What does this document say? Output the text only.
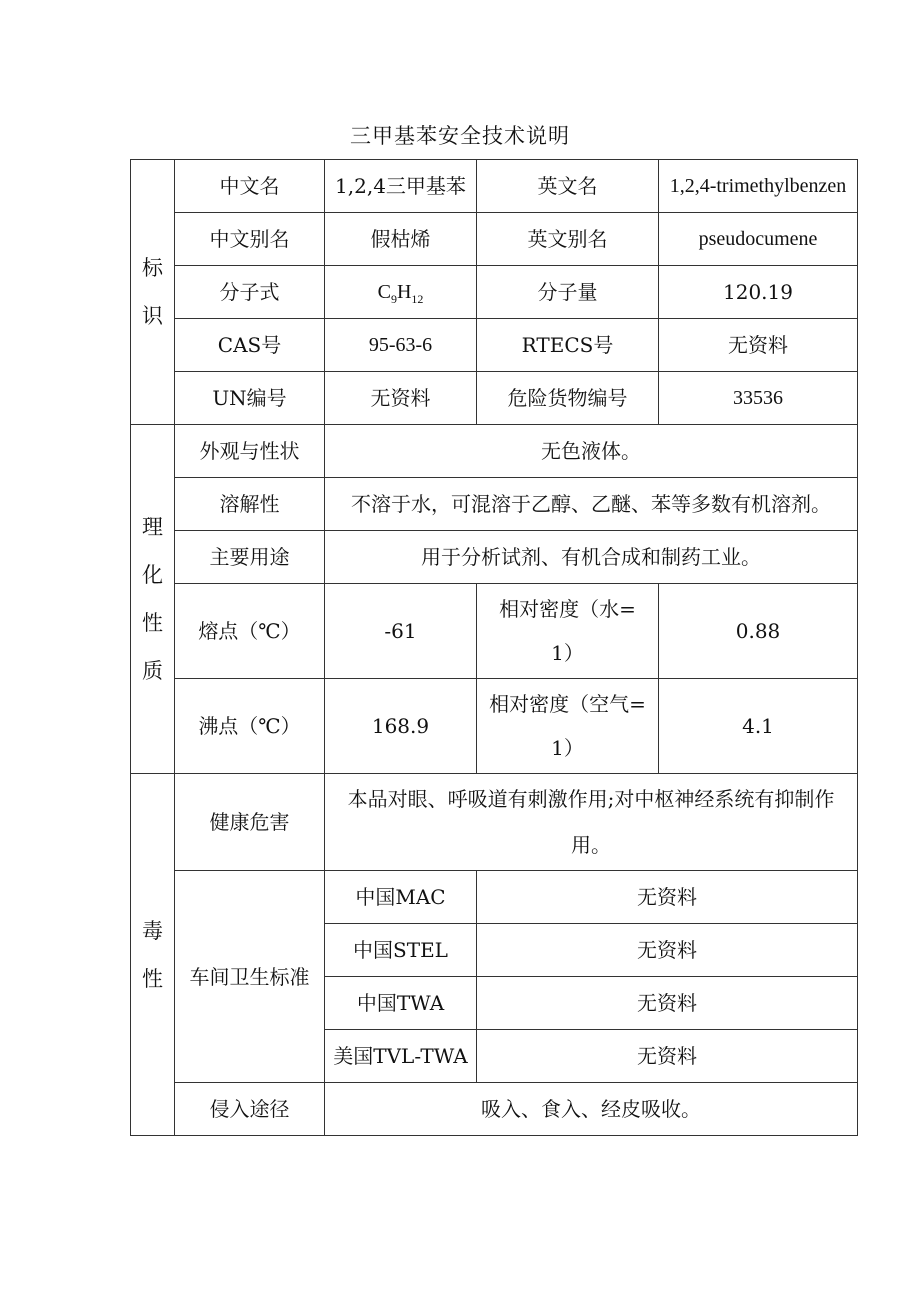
三甲基苯安全技术说明
标
识	中文名	1,2,4三甲基苯	英文名	1,2,4-trimethylbenzen
	中文别名	假枯烯	英文别名	pseudocumene
	分子式	$C_9H_{12}$	分子量	120.19
	CAS号	95-63-6	RTECS号	无资料
	UN编号	无资料	危险货物编号	33536
理
化
性
质	外观与性状	无色液体。		
	溶解性	不溶于水，可混溶于乙醇、乙醚、苯等多数有机溶剂。		
	主要用途	用于分析试剂、有机合成和制药工业。		
	熔点（℃）	-61	相对密度（水=1）	0.88
	沸点（℃）	168.9	相对密度（空气=1）	4.1
毒
性	健康危害	本品对眼、呼吸道有刺激作用;对中枢神经系统有抑制作用。		
	车间卫生标准	中国MAC	无资料	
		中国STEL	无资料	
		中国TWA	无资料	
		美国TVL-TWA	无资料	
	侵入途径	吸入、食入、经皮吸收。		
